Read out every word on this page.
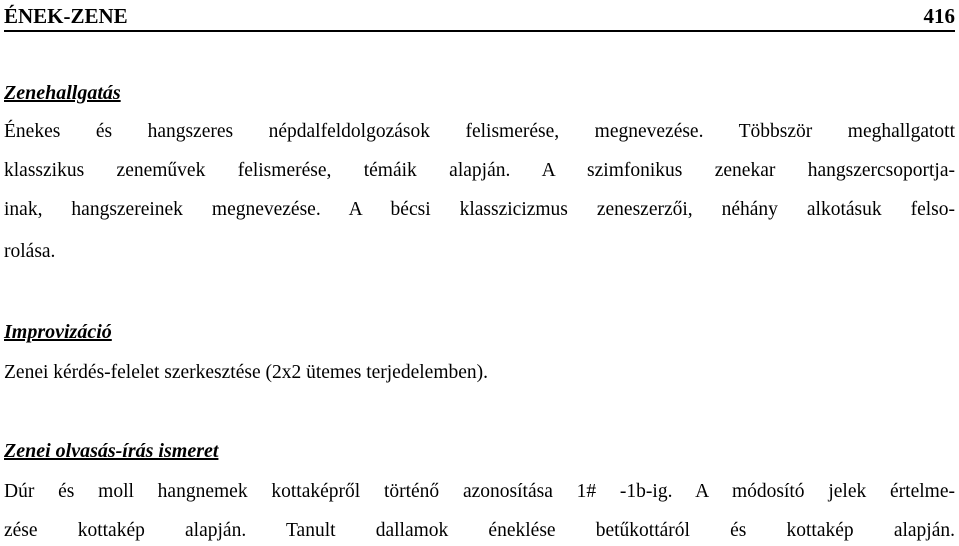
ÉNEK-ZENE	416
Zenehallgatás
Énekes és hangszeres népdalfeldolgozások felismerése, megnevezése. Többször meghallgatott
klasszikus zeneművek felismerése, témáik alapján. A szimfonikus zenekar hangszercsoportja-
inak, hangszereinek megnevezése. A bécsi klasszicizmus zeneszerzői, néhány alkotásuk felso-
rolása.
Improvizáció
Zenei kérdés-felelet szerkesztése (2x2 ütemes terjedelemben).
Zenei olvasás-írás ismeret
Dúr és moll hangnemek kottaképről történő azonosítása 1# -1b-ig. A módosító jelek értelme-
zése kottakép alapján. Tanult dallamok éneklése betűkottáról és kottakép alapján.
